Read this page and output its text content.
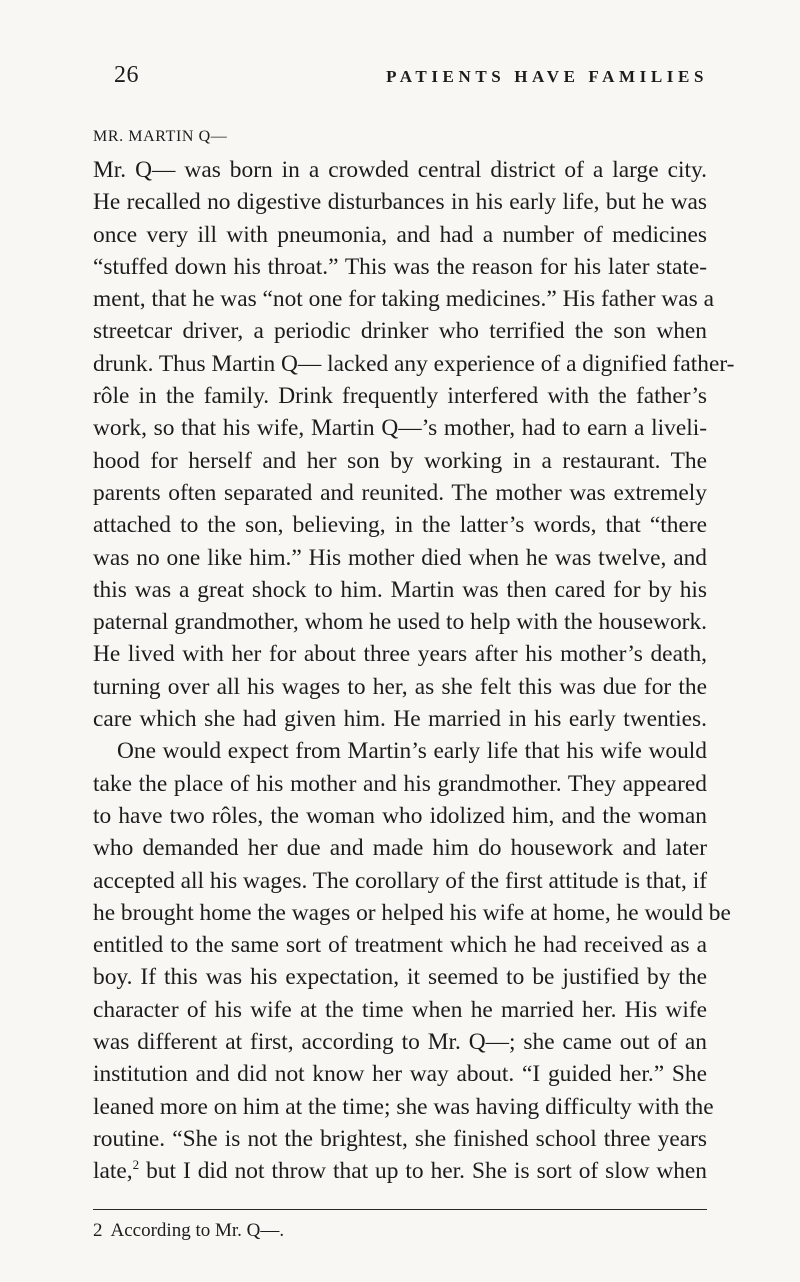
26	PATIENTS HAVE FAMILIES
MR. MARTIN Q—
Mr. Q— was born in a crowded central district of a large city.
He recalled no digestive disturbances in his early life, but he was
once very ill with pneumonia, and had a number of medicines
“stuffed down his throat.” This was the reason for his later state-
ment, that he was “not one for taking medicines.” His father was a
streetcar driver, a periodic drinker who terrified the son when
drunk. Thus Martin Q— lacked any experience of a dignified father-
rôle in the family. Drink frequently interfered with the father’s
work, so that his wife, Martin Q—’s mother, had to earn a liveli-
hood for herself and her son by working in a restaurant. The
parents often separated and reunited. The mother was extremely
attached to the son, believing, in the latter’s words, that “there
was no one like him.” His mother died when he was twelve, and
this was a great shock to him. Martin was then cared for by his
paternal grandmother, whom he used to help with the housework.
He lived with her for about three years after his mother’s death,
turning over all his wages to her, as she felt this was due for the
care which she had given him. He married in his early twenties.
One would expect from Martin’s early life that his wife would
take the place of his mother and his grandmother. They appeared
to have two rôles, the woman who idolized him, and the woman
who demanded her due and made him do housework and later
accepted all his wages. The corollary of the first attitude is that, if
he brought home the wages or helped his wife at home, he would be
entitled to the same sort of treatment which he had received as a
boy. If this was his expectation, it seemed to be justified by the
character of his wife at the time when he married her. His wife
was different at first, according to Mr. Q—; she came out of an
institution and did not know her way about. “I guided her.” She
leaned more on him at the time; she was having difficulty with the
routine. “She is not the brightest, she finished school three years
late,$^2$ but I did not throw that up to her. She is sort of slow when
2 According to Mr. Q—.
